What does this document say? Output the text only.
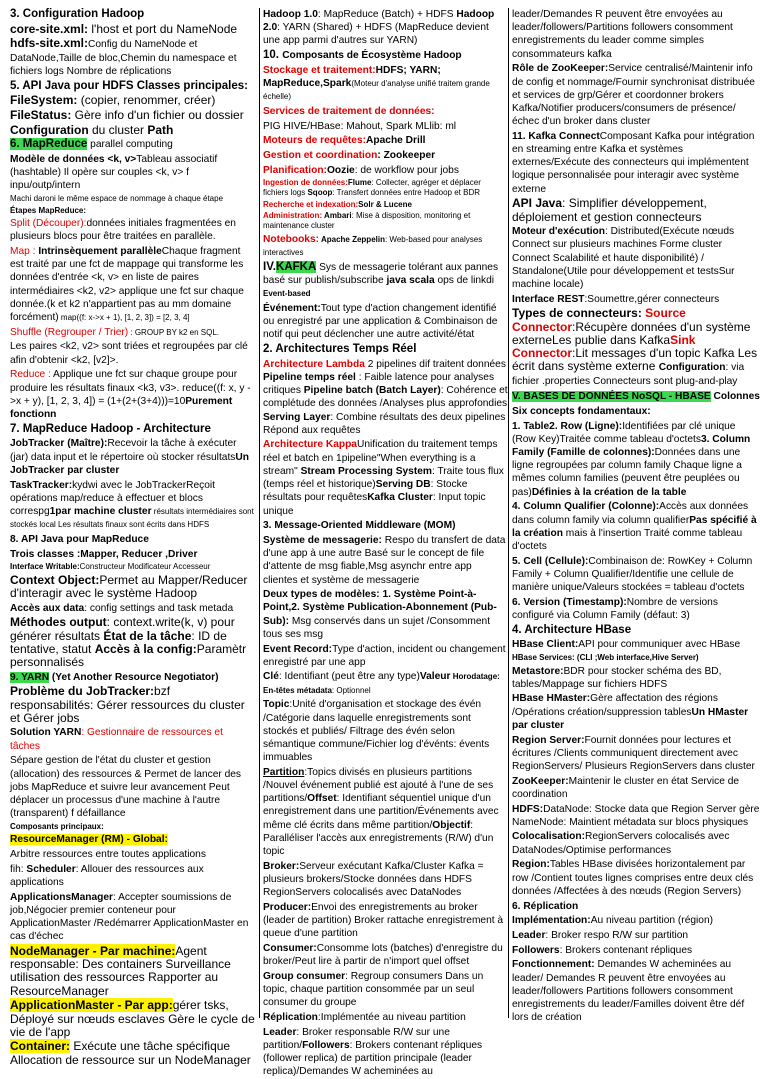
3. Configuration Hadoop
core-site.xml: l'host et port du NameNode
hdfs-site.xml:Config du NameNode et DataNode,Taille de bloc,Chemin du namespace et fichiers logs Nombre de réplications
5. API Java pour HDFS Classes principales:
FileSystem: (copier, renommer, créer)
FileStatus: Gère info d'un fichier ou dossier
Configuration du cluster Path
6. MapReduce parallel computing
Modèle de données <k, v>Tableau associatif (hashtable) Il opère sur couples <k, v> f inpu/outp/intern
Machi daroni le même espace de nommage à chaque étape
Étapes MapReduce:
Split (Découper):données initiales fragmentées en plusieurs blocs pour être traitées en parallèle.
Map : Intrinsèquement parallèleChaque fragment est traité par une fct de mappage qui transforme les données d'entrée <k, v> en liste de paires intermédiaires <k2, v2> applique une fct sur chaque donnée.(k et k2 n'appartient pas au mm domaine forcément) map((f: x->x + 1), [1, 2, 3]) = [2, 3, 4]
Shuffle (Regrouper / Trier) : GROUP BY k2 en SQL.
Les paires <k2, v2> sont triées et regroupées par clé afin d'obtenir <k2, [v2]>.
Reduce : Applique une fct sur chaque groupe pour produire les résultats finaux <k3, v3>. reduce((f: x, y ->x + y), [1, 2, 3, 4]) = (1+(2+(3+4)))=10Purement fonctionn
7. MapReduce Hadoop - Architecture
JobTracker (Maître):Recevoir la tâche à exécuter (jar) data input et le répertoire où stocker résultatsUn JobTracker par cluster
TaskTracker:kydwi avec le JobTrackerReçoit opérations map/reduce à effectuer et blocs correspg1par machine cluster résultats intermédiaires sont stockés local Les résultats finaux sont écrits dans HDFS
8. API Java pour MapReduce
Trois classes :Mapper, Reducer ,Driver
Interface Writable:Constructeur Modificateur Accesseur
Context Object:Permet au Mapper/Reducer d'interagir avec le système Hadoop
Accès aux data: config settings and task metada
Méthodes output: context.write(k, v) pour générer résultats État de la tâche: ID de tentative, statut Accès à la config:Paramètr personnalisés
9. YARN (Yet Another Resource Negotiator)
Problème du JobTracker:bzf responsabilités: Gérer ressources du cluster et Gérer jobs
Solution YARN: Gestionnaire de ressources et tâches
Sépare gestion de l'état du cluster et gestion (allocation) des ressources & Permet de lancer des jobs MapReduce et suivre leur avancement Peut déplacer un processus d'une machine à l'autre (transparent) f défaillance
Composants principaux:
ResourceManager (RM) - Global:
Arbitre ressources entre toutes applications
fih: Scheduler: Allouer des ressources aux applications
ApplicationsManager: Accepter soumissions de job,Négocier premier conteneur pour ApplicationMaster /Redémarrer ApplicationMaster en cas d'échec
NodeManager - Par machine:Agent responsable: Des containers Surveillance utilisation des ressources Rapporter au ResourceManager
ApplicationMaster - Par app:gérer tsks, Déployé sur nœuds esclaves Gère le cycle de vie de l'app
Container: Exécute une tâche spécifique Allocation de ressource sur un NodeManager
Hadoop 1.0: MapReduce (Batch) + HDFS Hadoop 2.0: YARN (Shared) + HDFS (MapReduce devient une app parmi d'autres sur YARN)
10. Composants de Écosystème Hadoop
Stockage et traitement:HDFS; YARN; MapReduce,Spark(Moteur d'analyse unifié traitem grande échelle)
Services de traitement de données:
PIG HIVE/HBase: Mahout, Spark MLlib: ml
Moteurs de requêtes:Apache Drill
Gestion et coordination: Zookeeper
Planification:Oozie: de workflow pour jobs
Ingestion de données:Flume: Collecter, agréger et déplacer fichiers logs Sqoop: Transfert données entre Hadoop et BDR
Recherche et indexation:Solr & Lucene
Administration: Ambari: Mise à disposition, monitoring et maintenance cluster
Notebooks: Apache Zeppelin: Web-based pour analyses interactives
IV.KAFKA Sys de messagerie tolérant aux pannes basé sur publish/subscribe java scala ops de linkdi Event-based
Événement:Tout type d'action changement identifié ou enregistré par une application & Combinaison de notif qui peut déclencher une autre activité/état
2. Architectures Temps Réel
Architecture Lambda 2 pipelines dif traitent données Pipeline temps réel : Faible latence pour analyses critiques Pipeline batch (Batch Layer): Cohérence et complétude des données /Analyses plus approfondies Serving Layer: Combine résultats des deux pipelines Répond aux requêtes
Architecture KappaUnification du traitement temps réel et batch en 1pipeline"When everything is a stream" Stream Processing System: Traite tous flux (temps réel et historique)Serving DB: Stocke résultats pour requêtesKafka Cluster: Input topic unique
3. Message-Oriented Middleware (MOM)
Système de messagerie: Respo du transfert de data d'une app à une autre Basé sur le concept de file d'attente de msg fiable,Msg asynchr entre app clientes et système de messagerie
Deux types de modèles: 1. Système Point-à-Point,2. Système Publication-Abonnement (Pub-Sub): Msg conservés dans un sujet /Consomment tous ses msg
Event Record:Type d'action, incident ou changement enregistré par une app
Clé: Identifiant (peut être any type)Valeur Horodatage: En-têtes métadata: Optionnel
Topic:Unité d'organisation et stockage des évén /Catégorie dans laquelle enregistrements sont stockés et publiés/ Filtrage des évén selon sémantique commune/Fichier log d'événts: évents immuables
Partition:Topics divisés en plusieurs partitions /Nouvel événement publié est ajouté à l'une de ses partitions/Offset: Identifiant séquentiel unique d'un enregistrement dans une partition/Événements avec même clé écrits dans même partition/Objectif: Paralléliser l'accès aux enregistrements (R/W) d'un topic
Broker:Serveur exécutant Kafka/Cluster Kafka = plusieurs brokers/Stocke données dans HDFS RegionServers colocalisés avec DataNodes
Producer:Envoi des enregistrements au broker (leader de partition) Broker rattache enregistrement à queue d'une partition
Consumer:Consomme lots (batches) d'enregistre du broker/Peut lire à partir de n'import quel offset
Group consumer: Regroup consumers Dans un topic, chaque partition consommée par un seul consumer du groupe
Réplication:Implémentée au niveau partition
Leader: Broker responsable R/W sur une partition/Followers: Brokers contenant répliques (follower replica) de partition principale (leader replica)/Demandes W acheminées au
leader/Demandes R peuvent être envoyées au leader/followers/Partitions followers consomment enregistrements du leader comme simples consommateurs kafka
Rôle de ZooKeeper:Service centralisé/Maintenir info de config et nommage/Fournir synchronisat distribuée et services de grp/Gérer et coordonner brokers Kafka/Notifier producers/consumers de présence/échec d'un broker dans cluster
11. Kafka ConnectComposant Kafka pour intégration en streaming entre Kafka et systèmes externes/Exécute des connecteurs qui implémentent logique personnalisée pour interagir avec système externe
API Java: Simplifier développement, déploiement et gestion connecteurs
Moteur d'exécution: Distributed(Exécute nœuds Connect sur plusieurs machines Forme cluster Connect Scalabilité et haute disponibilité) / Standalone(Utile pour développement et testsSur machine locale)
Interface REST:Soumettre,gérer connecteurs
Types de connecteurs: Source Connector:Récupère données d'un système externeLes publie dans KafkaSink Connector:Lit messages d'un topic Kafka Les écrit dans système externe Configuration: via fichier .properties Connecteurs sont plug-and-play
V. BASES DE DONNÉES NoSQL - HBASE Colonnes
Six concepts fondamentaux:
1. Table2. Row (Ligne):Identifiées par clé unique (Row Key)Traitée comme tableau d'octets3. Column Family (Famille de colonnes):Données dans une ligne regroupées par column family Chaque ligne a mêmes column families (peuvent être peuplées ou pas)Définies à la création de la table
4. Column Qualifier (Colonne):Accès aux données dans column family via column qualifierPas spécifié à la création mais à l'insertion Traité comme tableau d'octets
5. Cell (Cellule):Combinaison de: RowKey + Column Family + Column Qualifier/Identifie une cellule de manière unique/Valeurs stockées = tableau d'octets
6. Version (Timestamp):Nombre de versions configuré via Column Family (défaut: 3)
4. Architecture HBase
HBase Client:API pour communiquer avec HBase
HBase Services: (CLI ;Web interface,Hive Server)
Metastore:BDR pour stocker schéma des BD, tables/Mappage sur fichiers HDFS
HBase HMaster:Gère affectation des régions /Opérations création/suppression tablesUn HMaster par cluster
Region Server:Fournit données pour lectures et écritures /Clients communiquent directement avec RegionServers/ Plusieurs RegionServers dans cluster
ZooKeeper:Maintenir le cluster en état Service de coordination
HDFS:DataNode: Stocke data que Region Server gère NameNode: Maintient métadata sur blocs physiques
Colocalisation:RegionServers colocalisés avec DataNodes/Optimise performances
Region:Tables HBase divisées horizontalement par row /Contient toutes lignes comprises entre deux clés données /Affectées à des nœuds (Region Servers)
6. Réplication
Implémentation:Au niveau partition (région)
Leader: Broker respo R/W sur partition
Followers: Brokers contenant répliques
Fonctionnement: Demandes W acheminées au leader/ Demandes R peuvent être envoyées au leader/followers Partitions followers consomment enregistrements du leader/Familles doivent être déf lors de création
